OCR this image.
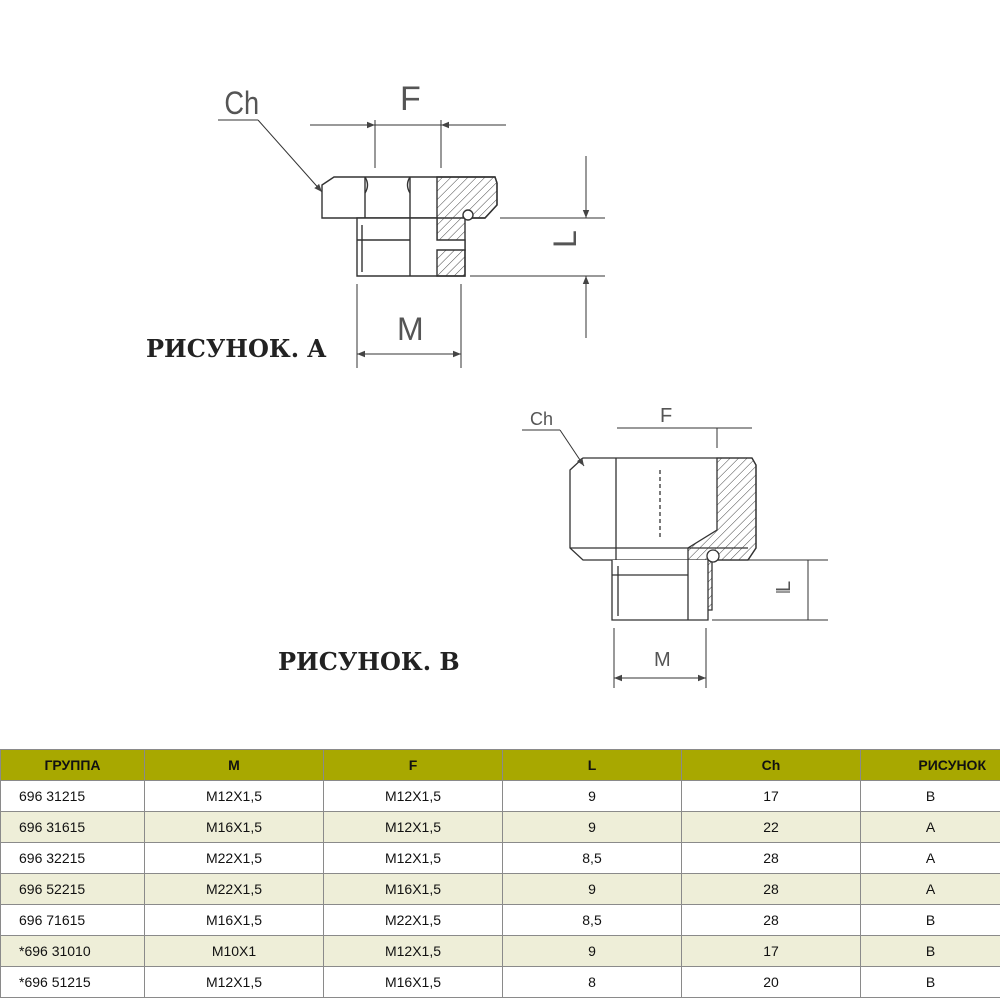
Ch	F
L
M
РИСУНОК. A
Ch	F
L
M
РИСУНОК. B
ГРУППА	M	F	L	Ch	РИСУНОК
696 31215	M12X1,5	M12X1,5	9	17	B
696 31615	M16X1,5	M12X1,5	9	22	A
696 32215	M22X1,5	M12X1,5	8,5	28	A
696 52215	M22X1,5	M16X1,5	9	28	A
696 71615	M16X1,5	M22X1,5	8,5	28	B
*696 31010	M10X1	M12X1,5	9	17	B
*696 51215	M12X1,5	M16X1,5	8	20	B
